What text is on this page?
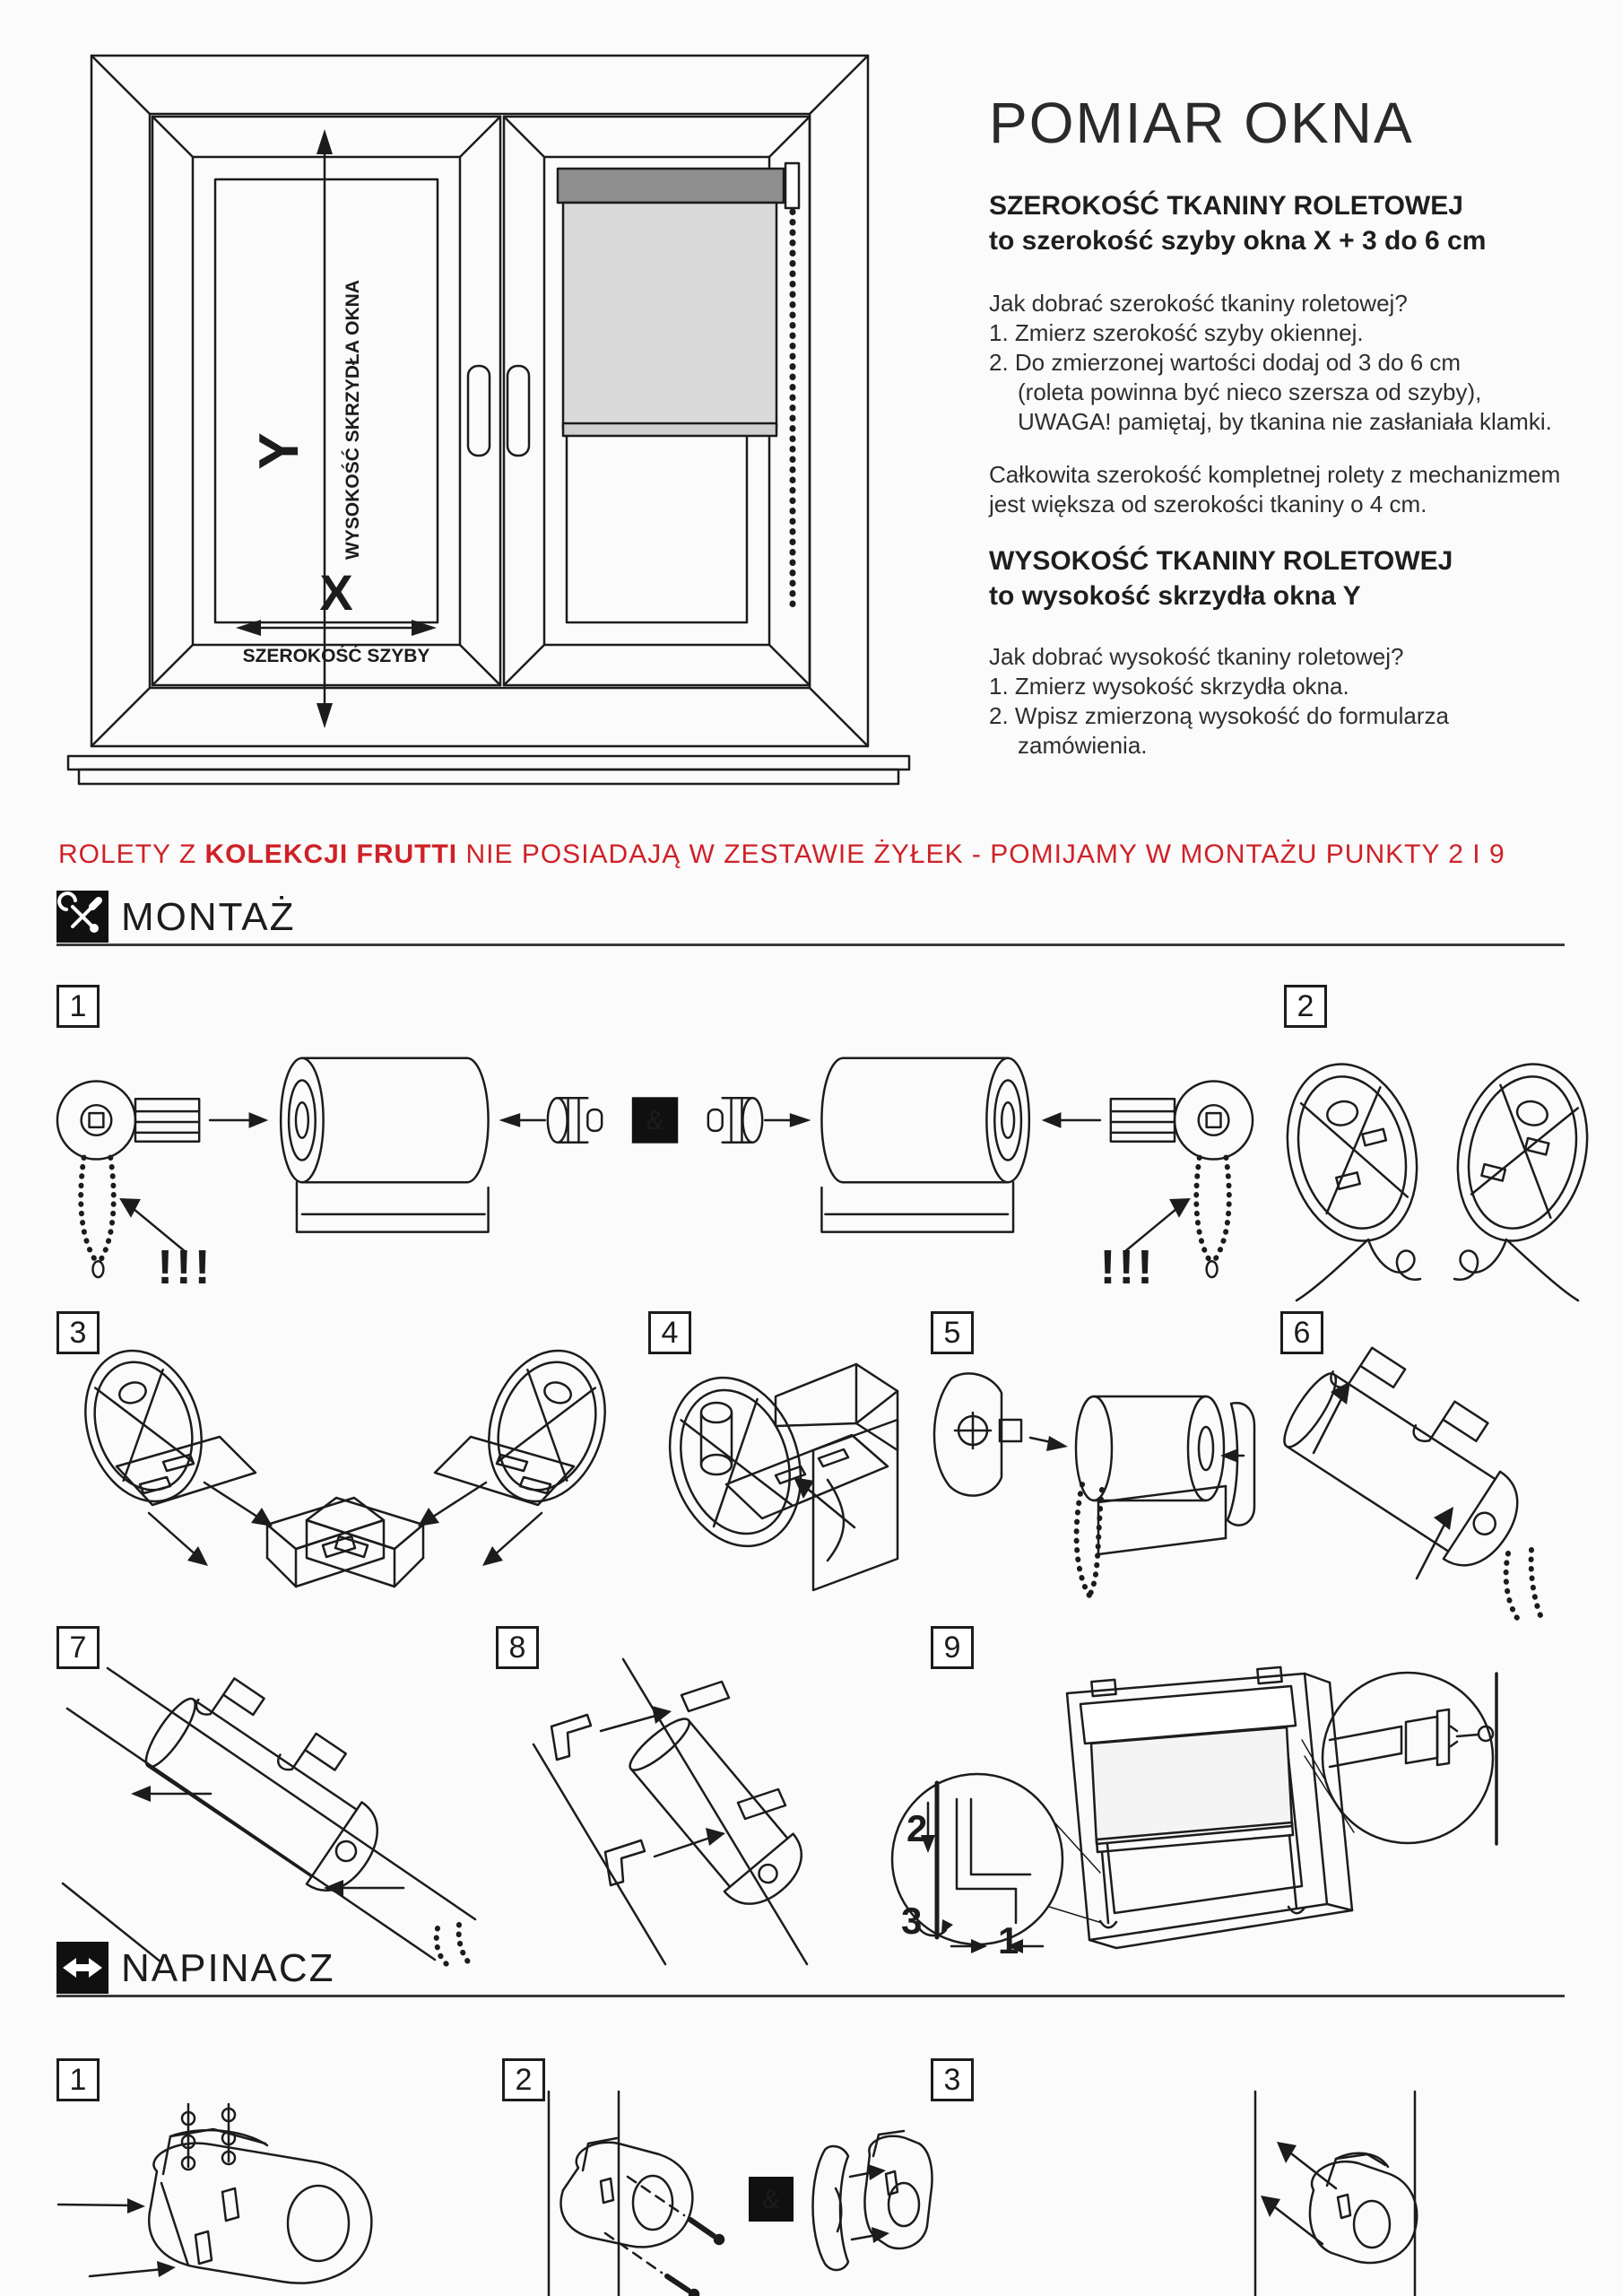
Y WYSOKOŚĆ SKRZYDŁA OKNA
X
SZEROKOŚĆ SZYBY
POMIAR OKNA
SZEROKOŚĆ TKANINY ROLETOWEJ
to szerokość szyby okna X + 3 do 6 cm
Jak dobrać szerokość tkaniny roletowej?
1. Zmierz szerokość szyby okiennej.
2. Do zmierzonej wartości dodaj od 3 do 6 cm
(roleta powinna być nieco szersza od szyby),
UWAGA! pamiętaj, by tkanina nie zasłaniała klamki.
Całkowita szerokość kompletnej rolety z mechanizmem
jest większa od szerokości tkaniny o 4 cm.
WYSOKOŚĆ TKANINY ROLETOWEJ
to wysokość skrzydła okna Y
Jak dobrać wysokość tkaniny roletowej?
1. Zmierz wysokość skrzydła okna.
2. Wpisz zmierzoną wysokość do formularza
zamówienia.
ROLETY Z KOLEKCJI FRUTTI NIE POSIADAJĄ W ZESTAWIE ŻYŁEK - POMIJAMY W MONTAŻU PUNKTY 2 I 9
MONTAŻ
&
1
2
3
1	2
3	4	5	6
7	8	9
NAPINACZ
&
1	2	3
